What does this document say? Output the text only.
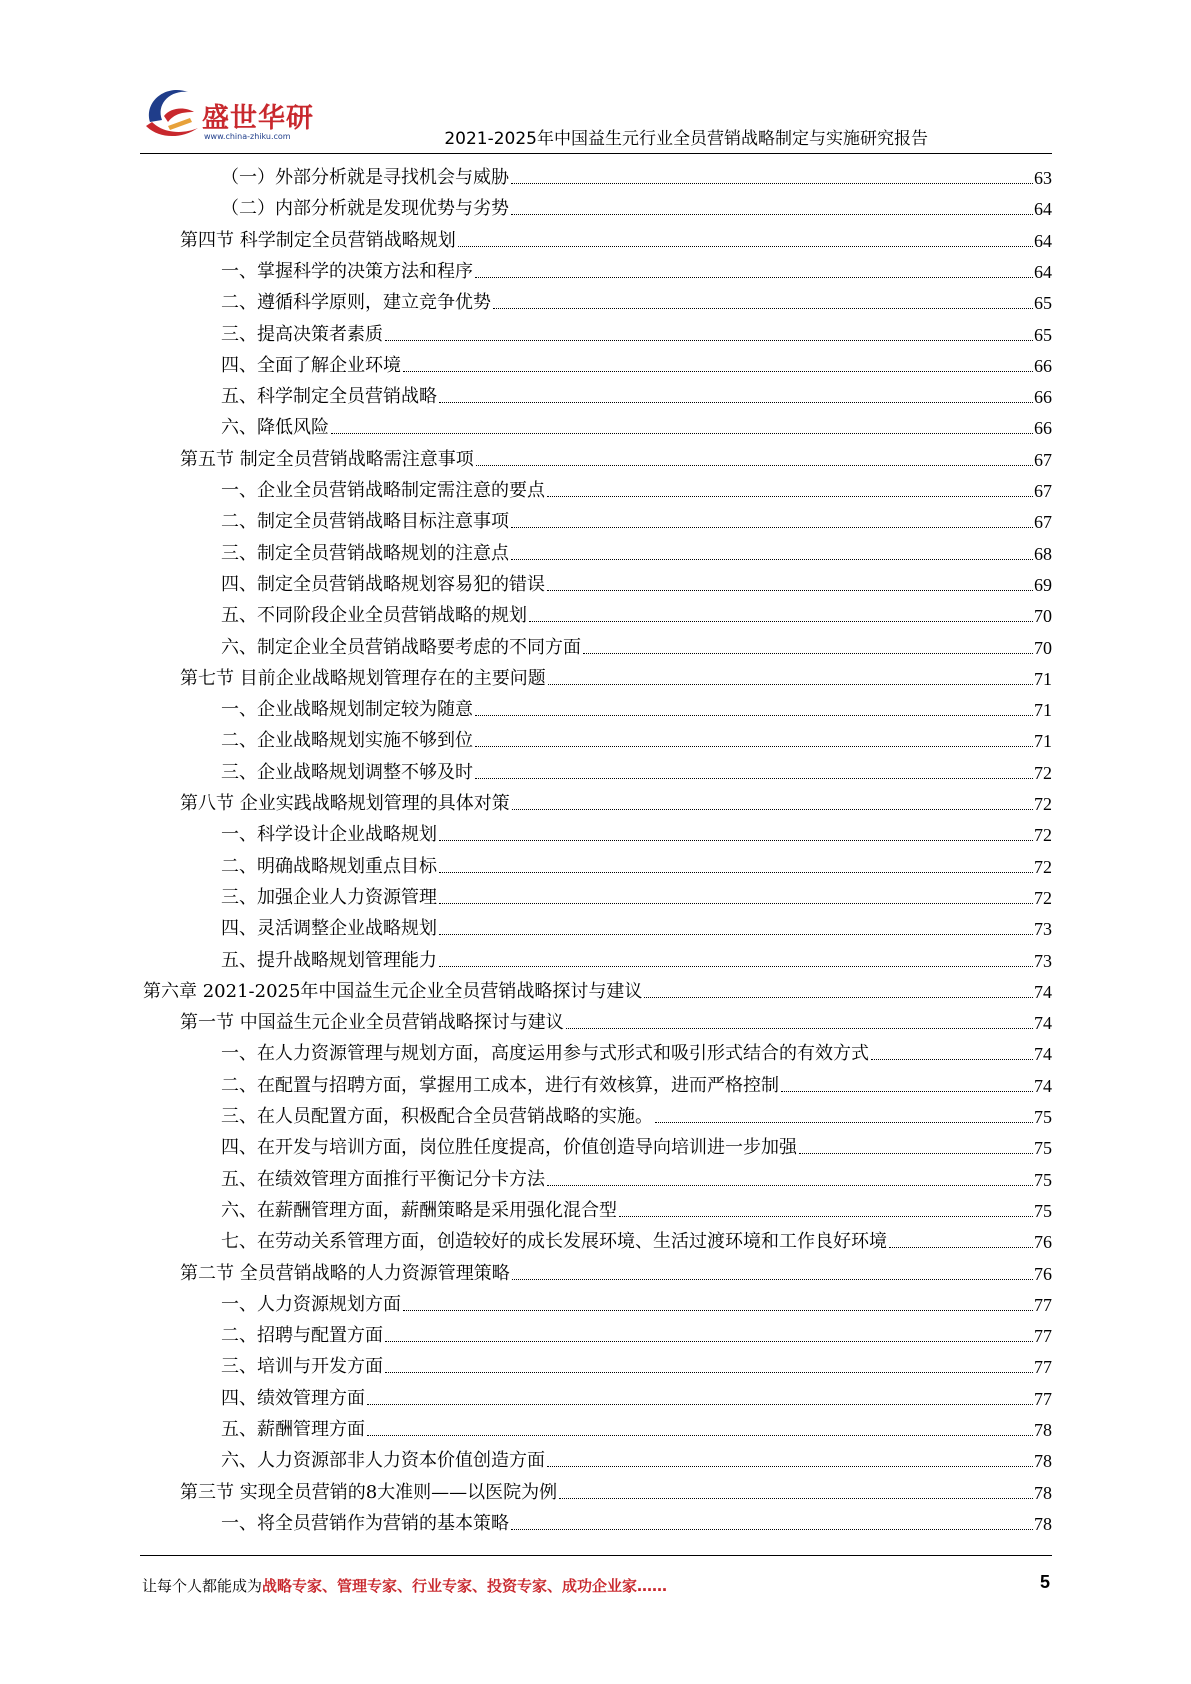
盛世华研
www.china-zhiku.com	2021-2025年中国益生元行业全员营销战略制定与实施研究报告
（一）外部分析就是寻找机会与威胁	63
（二）内部分析就是发现优势与劣势	64
第四节 科学制定全员营销战略规划	64
一、掌握科学的决策方法和程序	64
二、遵循科学原则，建立竞争优势	65
三、提高决策者素质	65
四、全面了解企业环境	66
五、科学制定全员营销战略	66
六、降低风险	66
第五节 制定全员营销战略需注意事项	67
一、企业全员营销战略制定需注意的要点	67
二、制定全员营销战略目标注意事项	67
三、制定全员营销战略规划的注意点	68
四、制定全员营销战略规划容易犯的错误	69
五、不同阶段企业全员营销战略的规划	70
六、制定企业全员营销战略要考虑的不同方面	70
第七节 目前企业战略规划管理存在的主要问题	71
一、企业战略规划制定较为随意	71
二、企业战略规划实施不够到位	71
三、企业战略规划调整不够及时	72
第八节 企业实践战略规划管理的具体对策	72
一、科学设计企业战略规划	72
二、明确战略规划重点目标	72
三、加强企业人力资源管理	72
四、灵活调整企业战略规划	73
五、提升战略规划管理能力	73
第六章 2021-2025年中国益生元企业全员营销战略探讨与建议	74
第一节 中国益生元企业全员营销战略探讨与建议	74
一、在人力资源管理与规划方面，高度运用参与式形式和吸引形式结合的有效方式	74
二、在配置与招聘方面，掌握用工成本，进行有效核算，进而严格控制	74
三、在人员配置方面，积极配合全员营销战略的实施。	75
四、在开发与培训方面，岗位胜任度提高，价值创造导向培训进一步加强	75
五、在绩效管理方面推行平衡记分卡方法	75
六、在薪酬管理方面，薪酬策略是采用强化混合型	75
七、在劳动关系管理方面，创造较好的成长发展环境、生活过渡环境和工作良好环境	76
第二节 全员营销战略的人力资源管理策略	76
一、人力资源规划方面	77
二、招聘与配置方面	77
三、培训与开发方面	77
四、绩效管理方面	77
五、薪酬管理方面	78
六、人力资源部非人力资本价值创造方面	78
第三节 实现全员营销的8大准则——以医院为例	78
一、将全员营销作为营销的基本策略	78
让每个人都能成为战略专家、管理专家、行业专家、投资专家、成功企业家……	5
